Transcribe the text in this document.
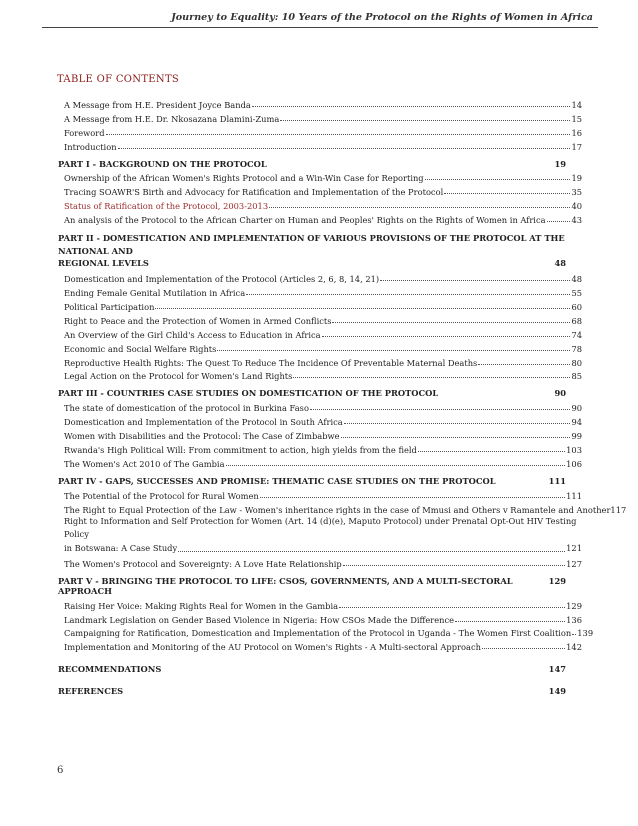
Journey to Equality: 10 Years of the Protocol on the Rights of Women in Africa
TABLE OF CONTENTS
A Message from H.E. President Joyce Banda	14
A Message from H.E. Dr. Nkosazana Dlamini-Zuma	15
Foreword	16
Introduction	17
PART I - BACKGROUND ON THE PROTOCOL	19
Ownership of the African Women's Rights Protocol and a Win-Win Case for Reporting	19
Tracing SOAWR'S Birth and Advocacy for Ratification and Implementation of the Protocol	35
Status of Ratification of the Protocol, 2003-2013	40
An analysis of the Protocol to the African Charter on Human and Peoples' Rights on the Rights of Women in Africa	43
PART II - DOMESTICATION AND IMPLEMENTATION OF VARIOUS PROVISIONS OF THE PROTOCOL AT THE NATIONAL AND
REGIONAL LEVELS	48
Domestication and Implementation of the Protocol (Articles 2, 6, 8, 14, 21)	48
Ending Female Genital Mutilation in Africa	55
Political Participation	60
Right to Peace and the Protection of Women in Armed Conflicts	68
An Overview of the Girl Child's Access to Education in Africa	74
Economic and Social Welfare Rights	78
Reproductive Health Rights: The Quest To Reduce The Incidence Of Preventable Maternal Deaths	80
Legal Action on the Protocol for Women's Land Rights	85
PART III - COUNTRIES CASE STUDIES ON DOMESTICATION OF THE PROTOCOL	90
The state of domestication of the protocol in Burkina Faso	90
Domestication and Implementation of the Protocol in South Africa	94
Women with Disabilities and the Protocol: The Case of Zimbabwe	99
Rwanda's High Political Will: From commitment to action, high yields from the field	103
The Women's Act 2010 of The Gambia	106
PART IV - GAPS, SUCCESSES AND PROMISE: THEMATIC CASE STUDIES ON THE PROTOCOL	111
The Potential of the Protocol for Rural Women	111
The Right to Equal Protection of the Law - Women's inheritance rights in the case of Mmusi and Others v Ramantele and Another 117
Right to Information and Self Protection for Women (Art. 14 (d)(e), Maputo Protocol) under Prenatal Opt-Out HIV Testing Policy
in Botswana: A Case Study	121
The Women's Protocol and Sovereignty: A Love Hate Relationship	127
PART V - BRINGING THE PROTOCOL TO LIFE: CSOS, GOVERNMENTS, AND A MULTI-SECTORAL APPROACH
129
Raising Her Voice: Making Rights Real for Women in the Gambia	129
Landmark Legislation on Gender Based Violence in Nigeria: How CSOs Made the Difference	136
Campaigning for Ratification, Domestication and Implementation of the Protocol in Uganda - The Women First Coalition 139
Implementation and Monitoring of the AU Protocol on Women's Rights - A Multi-sectoral Approach	142
RECOMMENDATIONS	147
REFERENCES	149
6
